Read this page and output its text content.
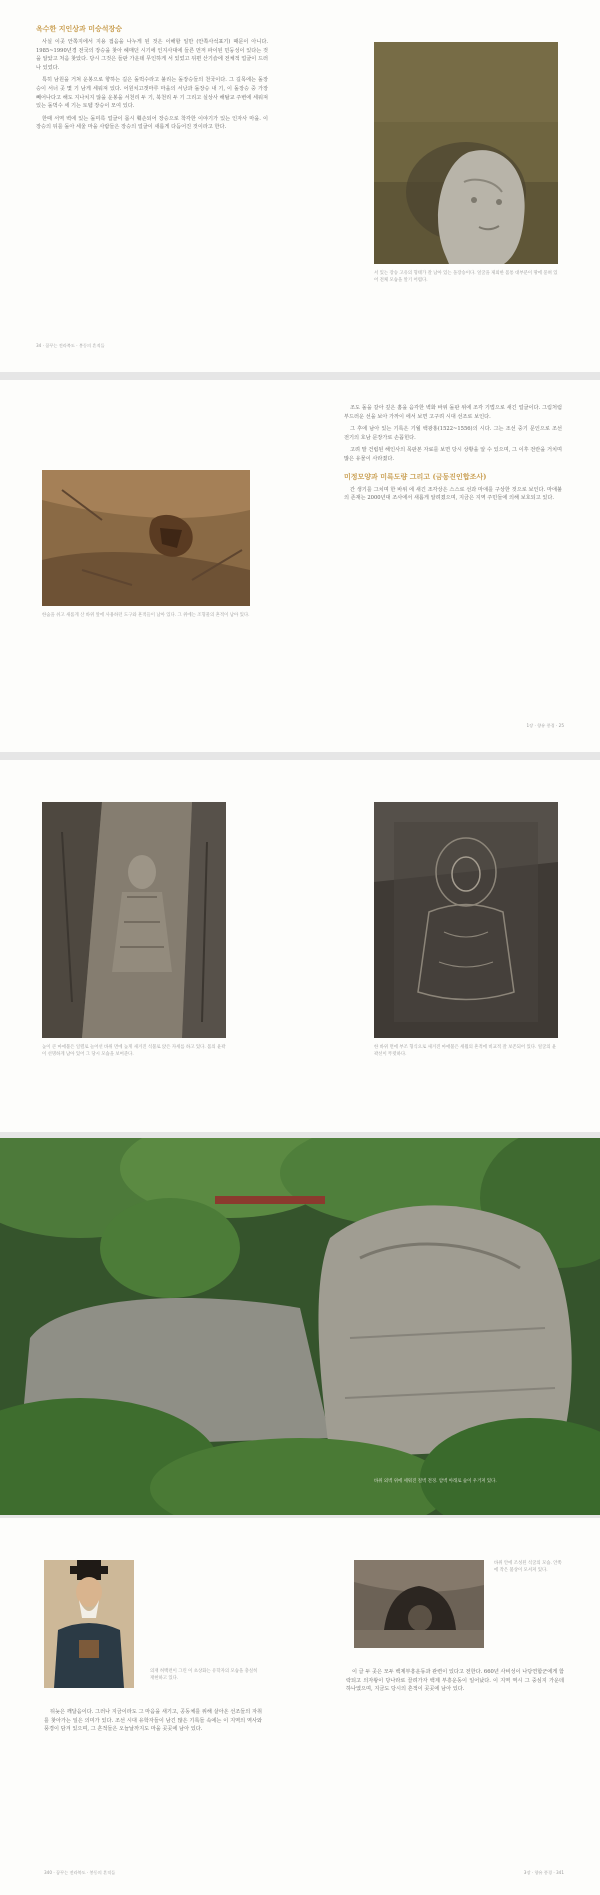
옥수한 지인상과 미승석장승

사실 이곳 안쪽지에서 지용 접음을 나누게 된 것은 이해할 일만 (안쪽사석표기) 때문이 아니다. 1985~1990년경 전국의 장승을 찾아 헤매던 시기에 인지사대에 들른 먼저 파이된 민둥성이 있다는 것을 알았고 처음 찾았다. 당시 그것은 들판 가운데 무인하게 서 있었고 뒤편 산기슭에 전체적 얼굴이 드러나 있었다.

특히 남원을 거쳐 운봉으로 향하는 길은 돌벅수라고 불리는 돌장승들의 천국이다. 그 길목에는 돌장승이 서너 곳 몇 기 남게 세워져 있다. 어원치고갯마루 마을의 서낭과 돌장승 내 기, 이 돌장승 중 가장 빼어나다고 해도 지나치지 않을 운봉을 서천리 두 기, 북천리 두 기 그리고 실상사 해탈교 주변에 세워져 있는 돌벅수 세 기는 토템 장승이 모여 있다.

한때 서역 벽에 있는 돌미륵 얼굴이 몹시 훼손되어 장승으로 착각한 이야기가 있는 인자사 마을. 이 장승의 뒤를 돌아 세울 마을 사람들은 장승의 얼굴이 새롭게 다듬어진 것이라고 한다.

34 · 꿈꾸는 전라북도 · 봉동의 흔적들
서 있는 장승 고유의 형태가 잘 남아 있는 돌장승이다. 얼굴을 제외한 몸통 대부분이 땅에 묻혀 있어 전체 모습을 알기 어렵다.
한숨을 쉬고 새롭게 산 바위 앞에 사용하던 도구와 흔적들이 남아 있다. 그 위에는 조형물의 흔적이 남아 있다.

조도 돌을 갈아 깊은 홈을 음각한 벽화 바위 돌판 위에 조각 기법으로 새긴 얼굴이다. 그림처럼 부드러운 선을 보아 가까이 에서 보면 고구려 시대 선조로 보인다.

그 후에 남아 있는 기록은 기월 백광홍(1522~1556)의 시다. 그는 조선 중기 문인으로 조선 전기의 호남 문장가로 손꼽힌다.

고려 말 건립된 해인사의 목판본 자료를 보면 당시 상황을 알 수 있으며, 그 이후 전란을 거치며 많은 유물이 사라졌다.

미정모양과 미륵도량 그리고 (금동진인합조사)

간 생기를 그치며 한 바위 에 새긴 조각상은 스스로 선과 마애를 구상한 것으로 보인다. 마애불의 존재는 2000년대 조사에서 새롭게 알려졌으며, 지금은 지역 주민들에 의해 보호되고 있다.

1장 · 향유 풍경 · 25
높이 큰 마애불은 일렬로 늘어선 바위 면에 높게 새겨진 석불로 앉은 자세를 하고 있다. 몸의 윤곽이 선명하게 남아 있어 그 당시 모습을 보여준다.
한 바위 면에 부조 형식으로 새겨진 마애불은 세월의 흔적에 비교적 잘 보존되어 있다. 얼굴의 윤곽선이 뚜렷하다.
바위 외벽 위에 세워진 절벽 전경. 암벽 아래로 숲이 우거져 있다.
의재 허백련이 그린 이 초상화는 유학자의 모습을 충실히 재현하고 있다.
바위 안에 조성된 석굴의 모습. 안쪽에 작은 불상이 모셔져 있다.

뒤늦은 깨달음이다. 그러나 지금이라도 그 마음을 새기고, 공동체를 위해 살아온 선조들의 자취를 찾아가는 일은 의미가 있다. 조선 시대 유학자들이 남긴 많은 기록들 속에는 이 지역의 역사와 풍경이 담겨 있으며, 그 흔적들은 오늘날까지도 마을 곳곳에 남아 있다.

이 글 두 곳은 모두 백제부흥운동과 관련이 있다고 전한다. 660년 사비성이 나당연합군에게 함락되고 의자왕이 당나라로 끌려가자 백제 부흥운동이 일어났다. 이 지역 역시 그 중심지 가운데 하나였으며, 지금도 당시의 흔적이 곳곳에 남아 있다.

340 · 꿈꾸는 전라북도 · 봉동의 흔적들	3장 · 향유 풍경 · 341
